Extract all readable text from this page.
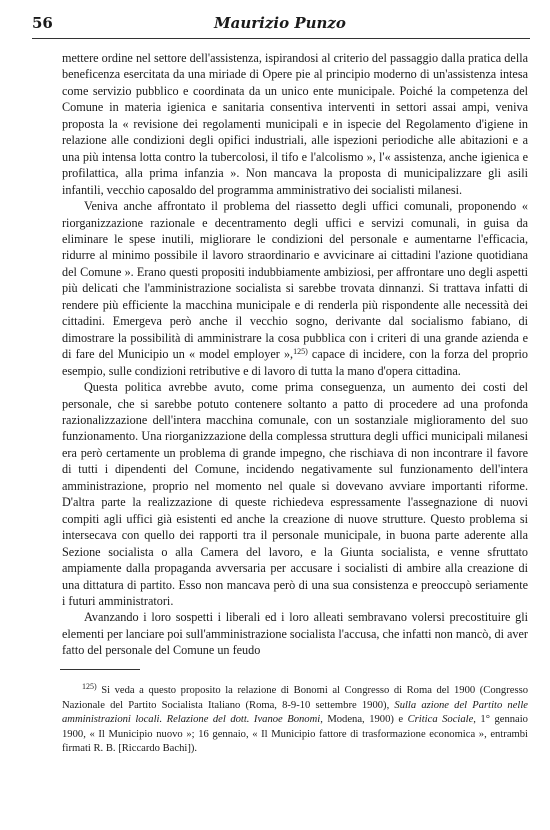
56	Maurizio Punzo

mettere ordine nel settore dell'assistenza, ispirandosi al criterio del passaggio dalla pratica della beneficenza esercitata da una miriade di Opere pie al principio moderno di un'assistenza intesa come servizio pubblico e coordinata da un unico ente municipale. Poiché la competenza del Comune in materia igienica e sanitaria consentiva interventi in settori assai ampi, veniva proposta la « revisione dei regolamenti municipali e in ispecie del Regolamento d'igiene in relazione alle condizioni degli opifici industriali, alle ispezioni periodiche alle abitazioni e a una più intensa lotta contro la tubercolosi, il tifo e l'alcolismo », l'« assistenza, anche igienica e profilattica, alla prima infanzia ». Non mancava la proposta di municipalizzare gli asili infantili, vecchio caposaldo del programma amministrativo dei socialisti milanesi.

Veniva anche affrontato il problema del riassetto degli uffici comunali, proponendo « riorganizzazione razionale e decentramento degli uffici e servizi comunali, in guisa da eliminare le spese inutili, migliorare le condizioni del personale e aumentarne l'efficacia, ridurre al minimo possibile il lavoro straordinario e avvicinare ai cittadini l'azione quotidiana del Comune ». Erano questi propositi indubbiamente ambiziosi, per affrontare uno degli aspetti più delicati che l'amministrazione socialista si sarebbe trovata dinnanzi. Si trattava infatti di rendere più efficiente la macchina municipale e di renderla più rispondente alle necessità dei cittadini. Emergeva però anche il vecchio sogno, derivante dal socialismo fabiano, di dimostrare la possibilità di amministrare la cosa pubblica con i criteri di una grande azienda e di fare del Municipio un « model employer »,$^{125)}$ capace di incidere, con la forza del proprio esempio, sulle condizioni retributive e di lavoro di tutta la mano d'opera cittadina.

Questa politica avrebbe avuto, come prima conseguenza, un aumento dei costi del personale, che si sarebbe potuto contenere soltanto a patto di procedere ad una profonda razionalizzazione dell'intera macchina comunale, con un sostanziale miglioramento del suo funzionamento. Una riorganizzazione della complessa struttura degli uffici municipali milanesi era però certamente un problema di grande impegno, che rischiava di non incontrare il favore di tutti i dipendenti del Comune, incidendo negativamente sul funzionamento dell'intera amministrazione, proprio nel momento nel quale si dovevano avviare importanti riforme. D'altra parte la realizzazione di queste richiedeva espressamente l'assegnazione di nuovi compiti agli uffici già esistenti ed anche la creazione di nuove strutture. Questo problema si intersecava con quello dei rapporti tra il personale municipale, in buona parte aderente alla Sezione socialista o alla Camera del lavoro, e la Giunta socialista, e venne sfruttato ampiamente dalla propaganda avversaria per accusare i socialisti di ambire alla creazione di una dittatura di partito. Esso non mancava però di una sua consistenza e preoccupò seriamente i futuri amministratori.

Avanzando i loro sospetti i liberali ed i loro alleati sembravano volersi precostituire gli elementi per lanciare poi sull'amministrazione socialista l'accusa, che infatti non mancò, di aver fatto del personale del Comune un feudo

$^{125)}$ Si veda a questo proposito la relazione di Bonomi al Congresso di Roma del 1900 (Congresso Nazionale del Partito Socialista Italiano (Roma, 8-9-10 settembre 1900), Sulla azione del Partito nelle amministrazioni locali. Relazione del dott. Ivanoe Bonomi, Modena, 1900) e Critica Sociale, 1° gennaio 1900, « Il Municipio nuovo »; 16 gennaio, « Il Municipio fattore di trasformazione economica », entrambi firmati R. B. [Riccardo Bachi]).
